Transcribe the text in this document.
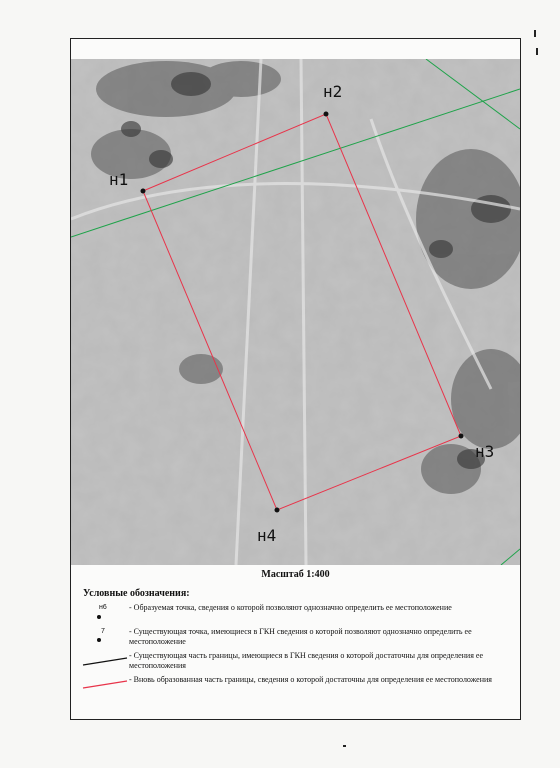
н1
н2
н3
н4
Масштаб 1:400
Условные обозначения:
н6	- Образуемая точка, сведения о которой позволяют однозначно определить ее местоположение
7	- Существующая точка, имеющиеся в ГКН сведения о которой позволяют однозначно определить ее местоположение
- Существующая часть границы, имеющиеся в ГКН сведения о которой достаточны для определения ее местоположения
- Вновь образованная часть границы, сведения о которой достаточны для определения ее местоположения
